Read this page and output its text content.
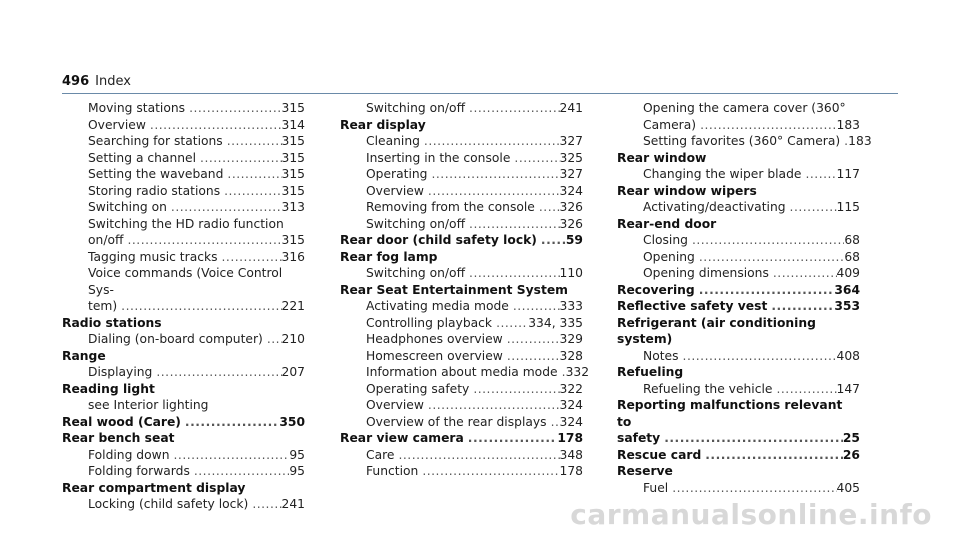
496 Index
Moving stations .....	315
Overview .....	314
Searching for stations .....	315
Setting a channel .....	315
Setting the waveband .....	315
Storing radio stations .....	315
Switching on .....	313
Switching the HD radio function
on/off .....	315
Tagging music tracks .....	316
Voice commands (Voice Control Sys-
tem) .....	221
Radio stations
Dialing (on-board computer) ..... 210
Range
Displaying .....	207
Reading light
see Interior lighting
Real wood (Care) .....	350
Rear bench seat
Folding down .....	95
Folding forwards .....	95
Rear compartment display
Locking (child safety lock) .....	241
Switching on/off .....	241
Rear display
Cleaning .....	327
Inserting in the console .....	325
Operating .....	327
Overview .....	324
Removing from the console ..... 326
Switching on/off .....	326
Rear door (child safety lock) ..... 59
Rear fog lamp
Switching on/off .....	110
Rear Seat Entertainment System
Activating media mode .....	333
Controlling playback .....	334, 335
Headphones overview .....	329
Homescreen overview .....	328
Information about media mode ..... 332
Operating safety .....	322
Overview .....	324
Overview of the rear displays ..... 324
Rear view camera .....	178
Care .....	348
Function .....	178
Opening the camera cover (360°
Camera) .....	183
Setting favorites (360° Camera) ..... 183
Rear window
Changing the wiper blade .....	117
Rear window wipers
Activating/deactivating .....	115
Rear-end door
Closing .....	68
Opening .....	68
Opening dimensions .....	409
Recovering .....	364
Reflective safety vest .....	353
Refrigerant (air conditioning system)
Notes .....	408
Refueling
Refueling the vehicle .....	147
Reporting malfunctions relevant to
safety .....	25
Rescue card .....	26
Reserve
Fuel .....	405
carmanualsonline.info
